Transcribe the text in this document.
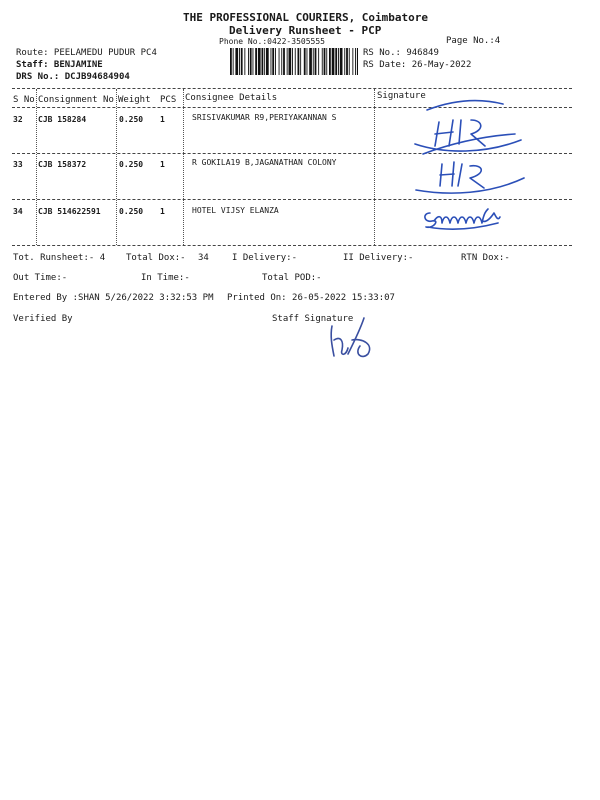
THE PROFESSIONAL COURIERS, Coimbatore
Delivery Runsheet - PCP
Phone No.:0422-3505555	Page No.:4
Route: PEELAMEDU PUDUR PC4
Staff: BENJAMINE
DRS No.: DCJB94684904
RS No.: 946849
RS Date: 26-May-2022
S No Consignment No Weight PCS Consignee Details	Signature
32 CJB 158284	0.250 1	SRISIVAKUMAR R9,PERIYAKANNAN S
33 CJB 158372	0.250 1	R GOKILA19 B,JAGANATHAN COLONY
34 CJB 514622591 0.250 1	HOTEL VIJSY ELANZA
Tot. Runsheet:- 4 Total Dox:- 34	I Delivery:-	II Delivery:-	RTN Dox:-
Out Time:-	In Time:-	Total POD:-
Entered By :SHAN 5/26/2022 3:32:53 PM Printed On: 26-05-2022 15:33:07
Verified By	Staff Signature
